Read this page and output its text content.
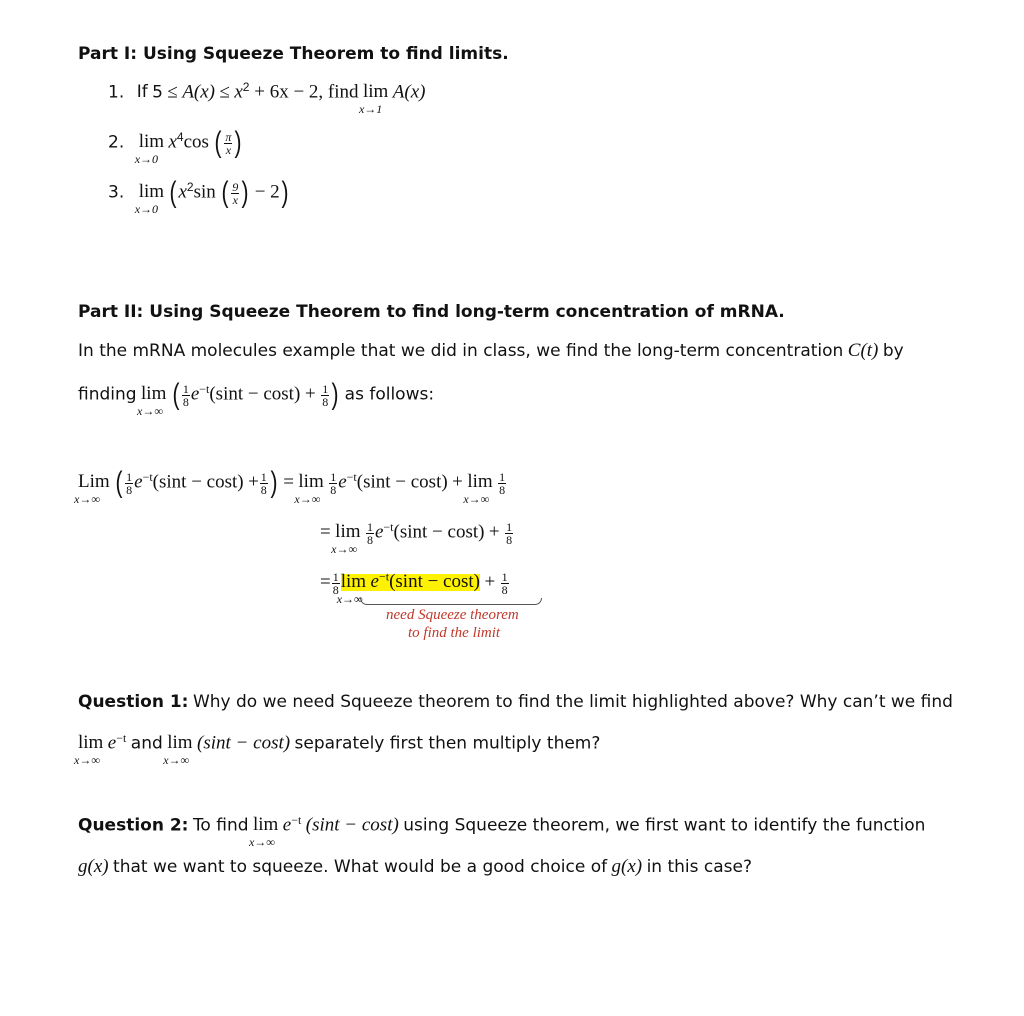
Part I: Using Squeeze Theorem to find limits.
1. If $5 \le A(x) \le x^2 + 6x - 2$, find lim
x→1
A(x)
2. lim
x→0
$x^4\cos$ ( $\frac{\pi}{x}$ )
3. lim
x→0
($x^2\sin$ ( $\frac{9}{x}$ ) − 2)
Part II: Using Squeeze Theorem to find long-term concentration of mRNA.
In the mRNA molecules example that we did in class, we find the long-term concentration C(t) by
finding lim
x→∞
( $\frac{1}{8} e^{-t}(\sin t - \cos t) + \frac{1}{8}$ ) as follows:
Lim
x→∞
( $\frac{1}{8} e^{-t}(\sin t - \cos t) + \frac{1}{8}$ ) = lim
x→∞

$\frac{1}{8} e^{-t}(\sin t - \cos t) + \lim$
x→∞

$\frac{1}{8}$
= lim
x→∞

$\frac{1}{8} e^{-t}(\sin t - \cos t) + \frac{1}{8}$
= $\frac{1}{8}$ lim
x→∞
$e^{-t}(\sin t - \cos t) + \frac{1}{8}$
need Squeeze theorem
to find the limit
Question 1: Why do we need Squeeze theorem to find the limit highlighted above? Why can’t we find
lim
x→∞
$e^{-t}$ and lim
x→∞
(sint − cost) separately first then multiply them?
Question 2: To find lim
x→∞
$e^{-t}$ (sint − cost) using Squeeze theorem, we first want to identify the function
g(x) that we want to squeeze. What would be a good choice of g(x) in this case?
